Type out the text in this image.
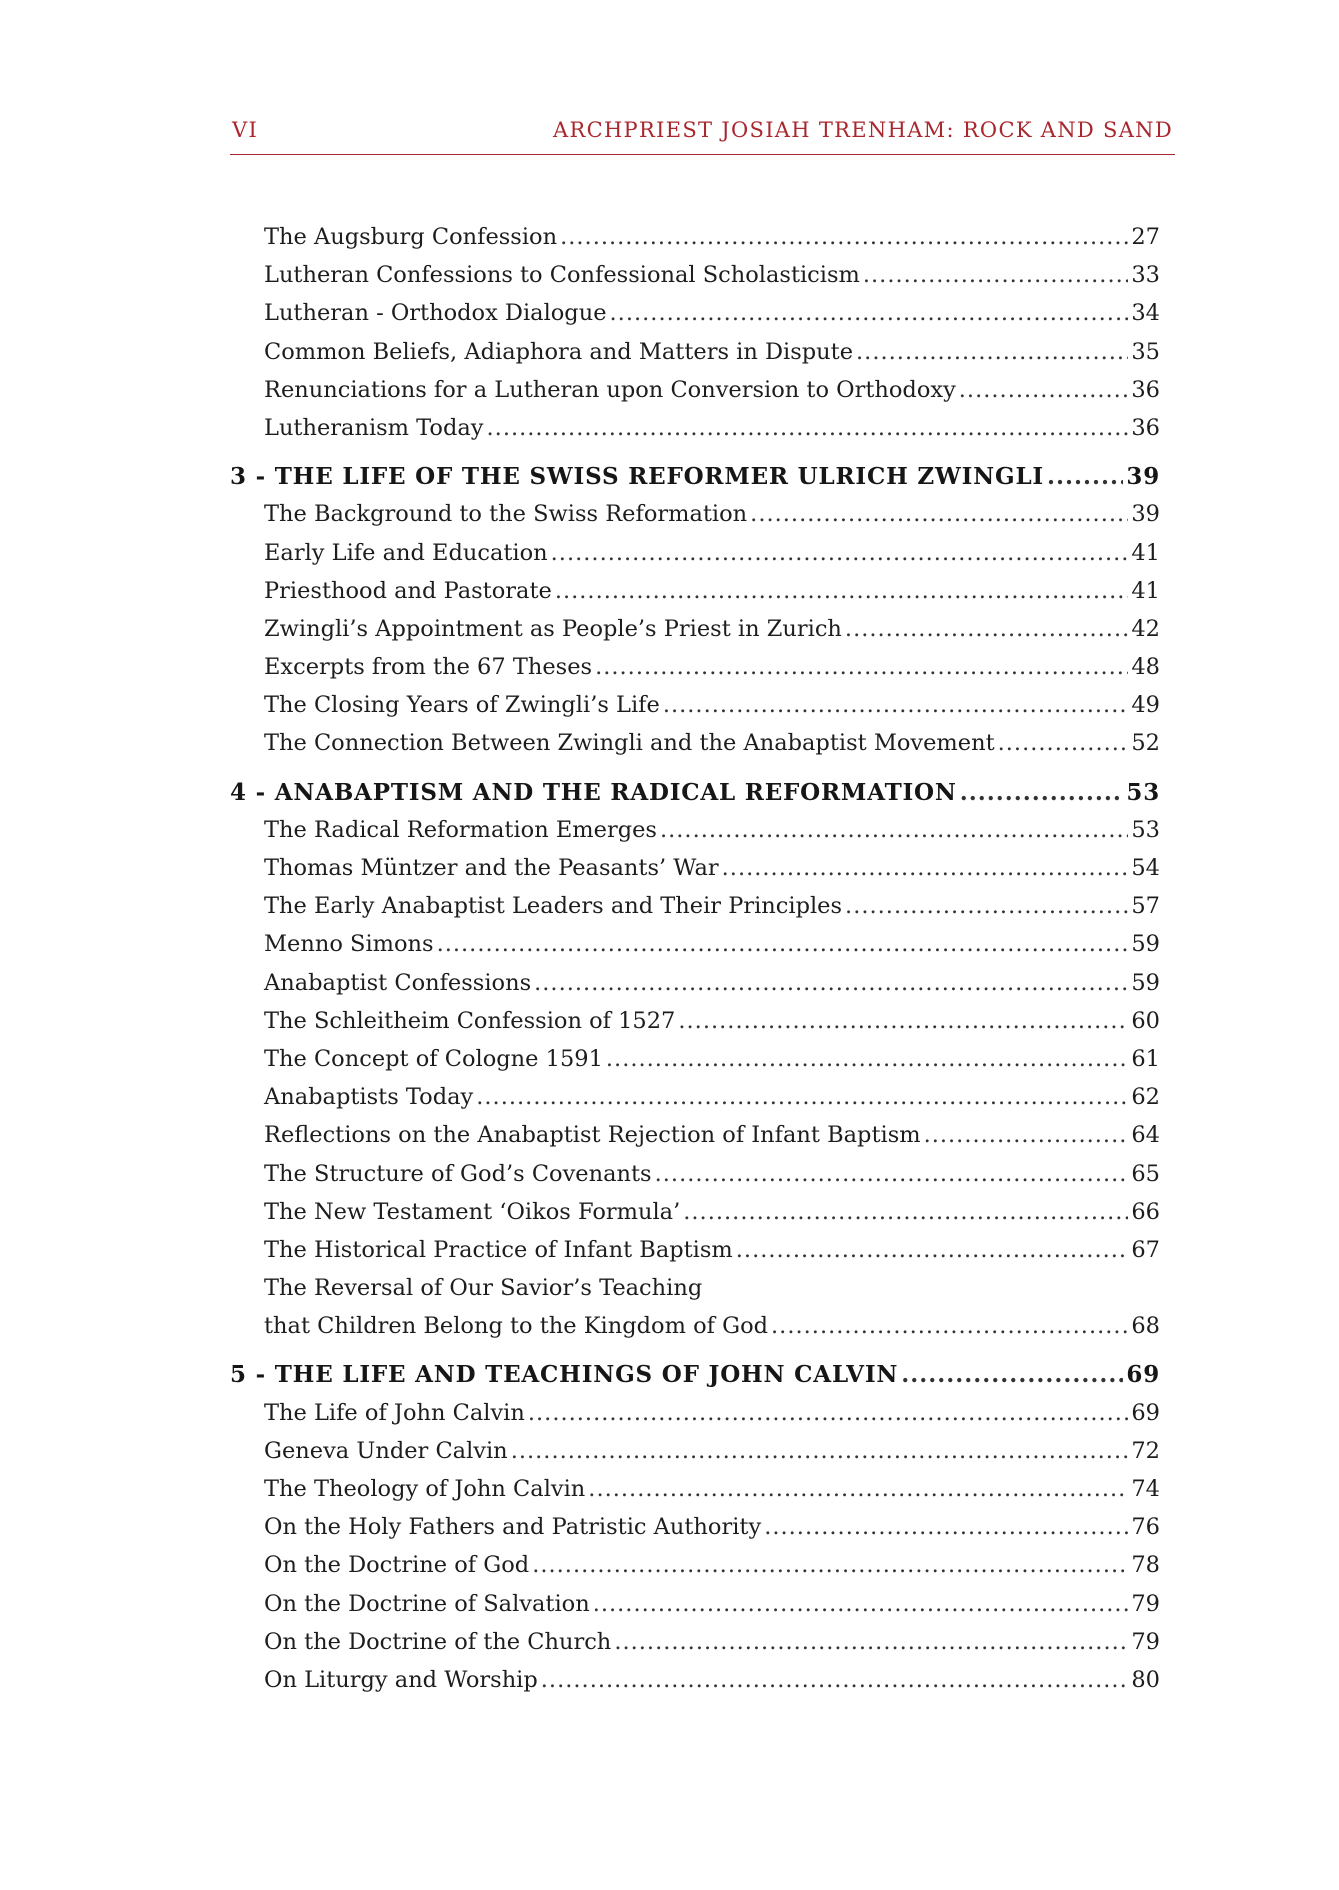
VI	ARCHPRIEST JOSIAH TRENHAM: ROCK AND SAND
The Augsburg Confession .....	27
Lutheran Confessions to Confessional Scholasticism .....	33
Lutheran - Orthodox Dialogue .....	34
Common Beliefs, Adiaphora and Matters in Dispute .....	35
Renunciations for a Lutheran upon Conversion to Orthodoxy .....	36
Lutheranism Today .....	36
3 - THE LIFE OF THE SWISS REFORMER ULRICH ZWINGLI .....	39
The Background to the Swiss Reformation .....	39
Early Life and Education .....	41
Priesthood and Pastorate .....	41
Zwingli’s Appointment as People’s Priest in Zurich .....	42
Excerpts from the 67 Theses .....	48
The Closing Years of Zwingli’s Life .....	49
The Connection Between Zwingli and the Anabaptist Movement .....	52
4 - ANABAPTISM AND THE RADICAL REFORMATION .....	53
The Radical Reformation Emerges .....	53
Thomas Müntzer and the Peasants’ War .....	54
The Early Anabaptist Leaders and Their Principles .....	57
Menno Simons .....	59
Anabaptist Confessions .....	59
The Schleitheim Confession of 1527 .....	60
The Concept of Cologne 1591 .....	61
Anabaptists Today .....	62
Reflections on the Anabaptist Rejection of Infant Baptism .....	64
The Structure of God’s Covenants .....	65
The New Testament ‘Oikos Formula’ .....	66
The Historical Practice of Infant Baptism .....	67
The Reversal of Our Savior’s Teaching
that Children Belong to the Kingdom of God .....	68
5 - THE LIFE AND TEACHINGS OF JOHN CALVIN .....	69
The Life of John Calvin .....	69
Geneva Under Calvin .....	72
The Theology of John Calvin .....	74
On the Holy Fathers and Patristic Authority .....	76
On the Doctrine of God .....	78
On the Doctrine of Salvation .....	79
On the Doctrine of the Church .....	79
On Liturgy and Worship .....	80
